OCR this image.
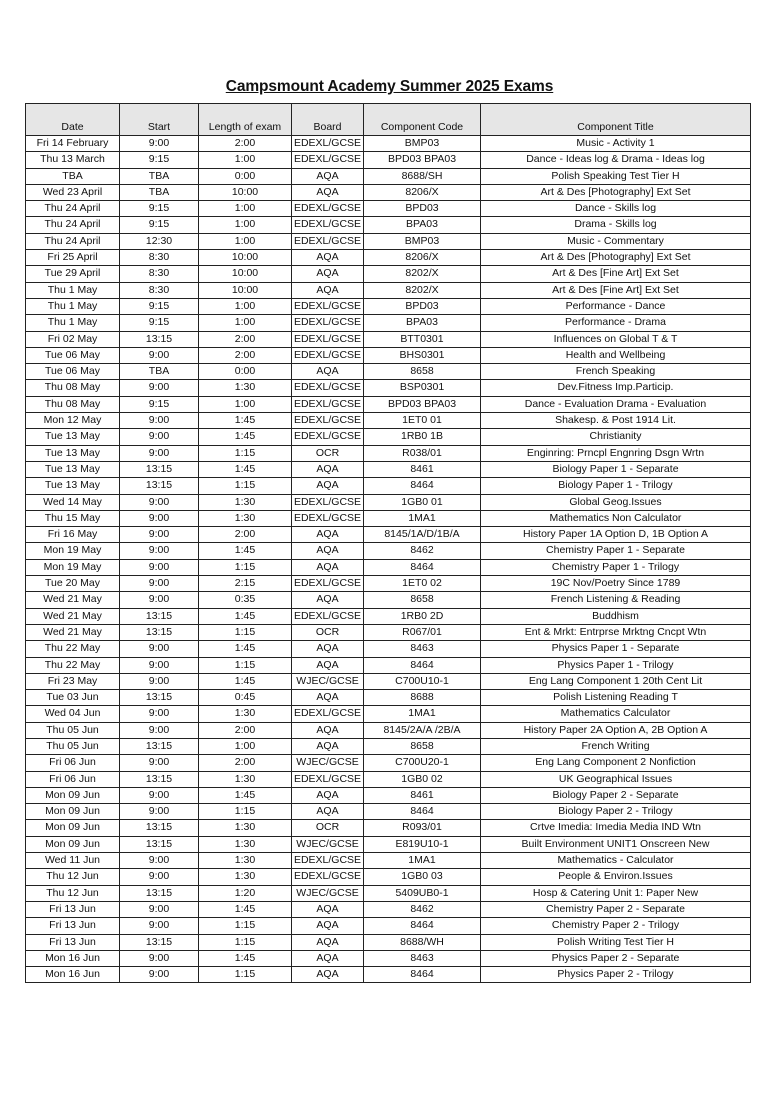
Campsmount Academy Summer 2025 Exams
Date	Start	Length of exam	Board	Component Code	Component Title
Fri 14 February	9:00	2:00	EDEXL/GCSE	BMP03	Music - Activity 1
Thu 13 March	9:15	1:00	EDEXL/GCSE	BPD03 BPA03	Dance - Ideas log & Drama - Ideas log
TBA	TBA	0:00	AQA	8688/SH	Polish Speaking Test Tier H
Wed 23 April	TBA	10:00	AQA	8206/X	Art & Des [Photography] Ext Set
Thu 24 April	9:15	1:00	EDEXL/GCSE	BPD03	Dance - Skills log
Thu 24 April	9:15	1:00	EDEXL/GCSE	BPA03	Drama - Skills log
Thu 24 April	12:30	1:00	EDEXL/GCSE	BMP03	Music - Commentary
Fri 25 April	8:30	10:00	AQA	8206/X	Art & Des [Photography] Ext Set
Tue 29 April	8:30	10:00	AQA	8202/X	Art & Des [Fine Art] Ext Set
Thu 1 May	8:30	10:00	AQA	8202/X	Art & Des [Fine Art] Ext Set
Thu 1 May	9:15	1:00	EDEXL/GCSE	BPD03	Performance - Dance
Thu 1 May	9:15	1:00	EDEXL/GCSE	BPA03	Performance - Drama
Fri 02 May	13:15	2:00	EDEXL/GCSE	BTT0301	Influences on Global T & T
Tue 06 May	9:00	2:00	EDEXL/GCSE	BHS0301	Health and Wellbeing
Tue 06 May	TBA	0:00	AQA	8658	French Speaking
Thu 08 May	9:00	1:30	EDEXL/GCSE	BSP0301	Dev.Fitness Imp.Particip.
Thu 08 May	9:15	1:00	EDEXL/GCSE	BPD03 BPA03	Dance - Evaluation Drama - Evaluation
Mon 12 May	9:00	1:45	EDEXL/GCSE	1ET0 01	Shakesp. & Post 1914 Lit.
Tue 13 May	9:00	1:45	EDEXL/GCSE	1RB0 1B	Christianity
Tue 13 May	9:00	1:15	OCR	R038/01	Enginring: Prncpl Engnring Dsgn Wrtn
Tue 13 May	13:15	1:45	AQA	8461	Biology Paper 1 - Separate
Tue 13 May	13:15	1:15	AQA	8464	Biology Paper 1 - Trilogy
Wed 14 May	9:00	1:30	EDEXL/GCSE	1GB0 01	Global Geog.Issues
Thu 15 May	9:00	1:30	EDEXL/GCSE	1MA1	Mathematics Non Calculator
Fri 16 May	9:00	2:00	AQA	8145/1A/D/1B/A	History Paper 1A Option D, 1B Option A
Mon 19 May	9:00	1:45	AQA	8462	Chemistry Paper 1 - Separate
Mon 19 May	9:00	1:15	AQA	8464	Chemistry Paper 1 - Trilogy
Tue 20 May	9:00	2:15	EDEXL/GCSE	1ET0 02	19C Nov/Poetry Since 1789
Wed 21 May	9:00	0:35	AQA	8658	French Listening & Reading
Wed 21 May	13:15	1:45	EDEXL/GCSE	1RB0 2D	Buddhism
Wed 21 May	13:15	1:15	OCR	R067/01	Ent & Mrkt: Entrprse Mrktng Cncpt Wtn
Thu 22 May	9:00	1:45	AQA	8463	Physics Paper 1 - Separate
Thu 22 May	9:00	1:15	AQA	8464	Physics Paper 1 - Trilogy
Fri 23 May	9:00	1:45	WJEC/GCSE	C700U10-1	Eng Lang Component 1 20th Cent Lit
Tue 03 Jun	13:15	0:45	AQA	8688	Polish Listening Reading T
Wed 04 Jun	9:00	1:30	EDEXL/GCSE	1MA1	Mathematics Calculator
Thu 05 Jun	9:00	2:00	AQA	8145/2A/A /2B/A	History Paper 2A Option A, 2B Option A
Thu 05 Jun	13:15	1:00	AQA	8658	French Writing
Fri 06 Jun	9:00	2:00	WJEC/GCSE	C700U20-1	Eng Lang Component 2 Nonfiction
Fri 06 Jun	13:15	1:30	EDEXL/GCSE	1GB0 02	UK Geographical Issues
Mon 09 Jun	9:00	1:45	AQA	8461	Biology Paper 2 - Separate
Mon 09 Jun	9:00	1:15	AQA	8464	Biology Paper 2 - Trilogy
Mon 09 Jun	13:15	1:30	OCR	R093/01	Crtve Imedia: Imedia Media IND Wtn
Mon 09 Jun	13:15	1:30	WJEC/GCSE	E819U10-1	Built Environment UNIT1 Onscreen New
Wed 11 Jun	9:00	1:30	EDEXL/GCSE	1MA1	Mathematics - Calculator
Thu 12 Jun	9:00	1:30	EDEXL/GCSE	1GB0 03	People & Environ.Issues
Thu 12 Jun	13:15	1:20	WJEC/GCSE	5409UB0-1	Hosp & Catering Unit 1: Paper New
Fri 13 Jun	9:00	1:45	AQA	8462	Chemistry Paper 2 - Separate
Fri 13 Jun	9:00	1:15	AQA	8464	Chemistry Paper 2 - Trilogy
Fri 13 Jun	13:15	1:15	AQA	8688/WH	Polish Writing Test Tier H
Mon 16 Jun	9:00	1:45	AQA	8463	Physics Paper 2 - Separate
Mon 16 Jun	9:00	1:15	AQA	8464	Physics Paper 2 - Trilogy
